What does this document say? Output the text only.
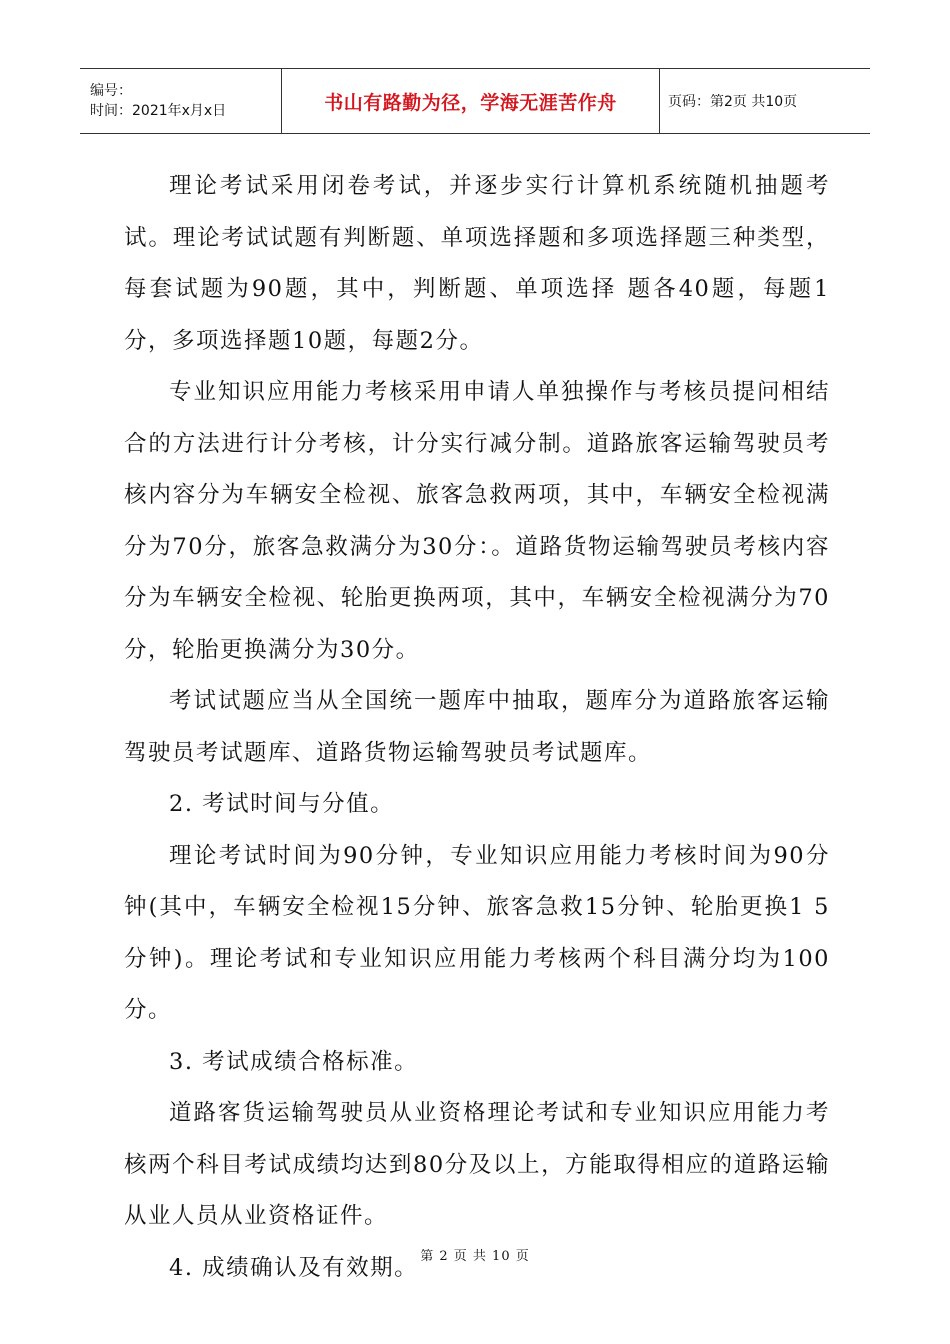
编号：
时间：2021年x月x日	书山有路勤为径，学海无涯苦作舟	页码：第2页 共10页

理论考试采用闭卷考试，并逐步实行计算机系统随机抽题考试。理论考试试题有判断题、单项选择题和多项选择题三种类型，每套试题为90题，其中，判断题、单项选择 题各40题，每题1分，多项选择题10题，每题2分。

专业知识应用能力考核采用申请人单独操作与考核员提问相结合的方法进行计分考核，计分实行减分制。道路旅客运输驾驶员考核内容分为车辆安全检视、旅客急救两项，其中，车辆安全检视满分为70分，旅客急救满分为30分：。道路货物运输驾驶员考核内容分为车辆安全检视、轮胎更换两项，其中，车辆安全检视满分为70分，轮胎更换满分为30分。

考试试题应当从全国统一题库中抽取，题库分为道路旅客运输驾驶员考试题库、道路货物运输驾驶员考试题库。

2. 考试时间与分值。

理论考试时间为90分钟，专业知识应用能力考核时间为90分钟(其中，车辆安全检视15分钟、旅客急救15分钟、轮胎更换1 5分钟)。理论考试和专业知识应用能力考核两个科目满分均为100分。

3. 考试成绩合格标准。

道路客货运输驾驶员从业资格理论考试和专业知识应用能力考核两个科目考试成绩均达到80分及以上，方能取得相应的道路运输从业人员从业资格证件。

4. 成绩确认及有效期。 第 2 页 共 10 页
